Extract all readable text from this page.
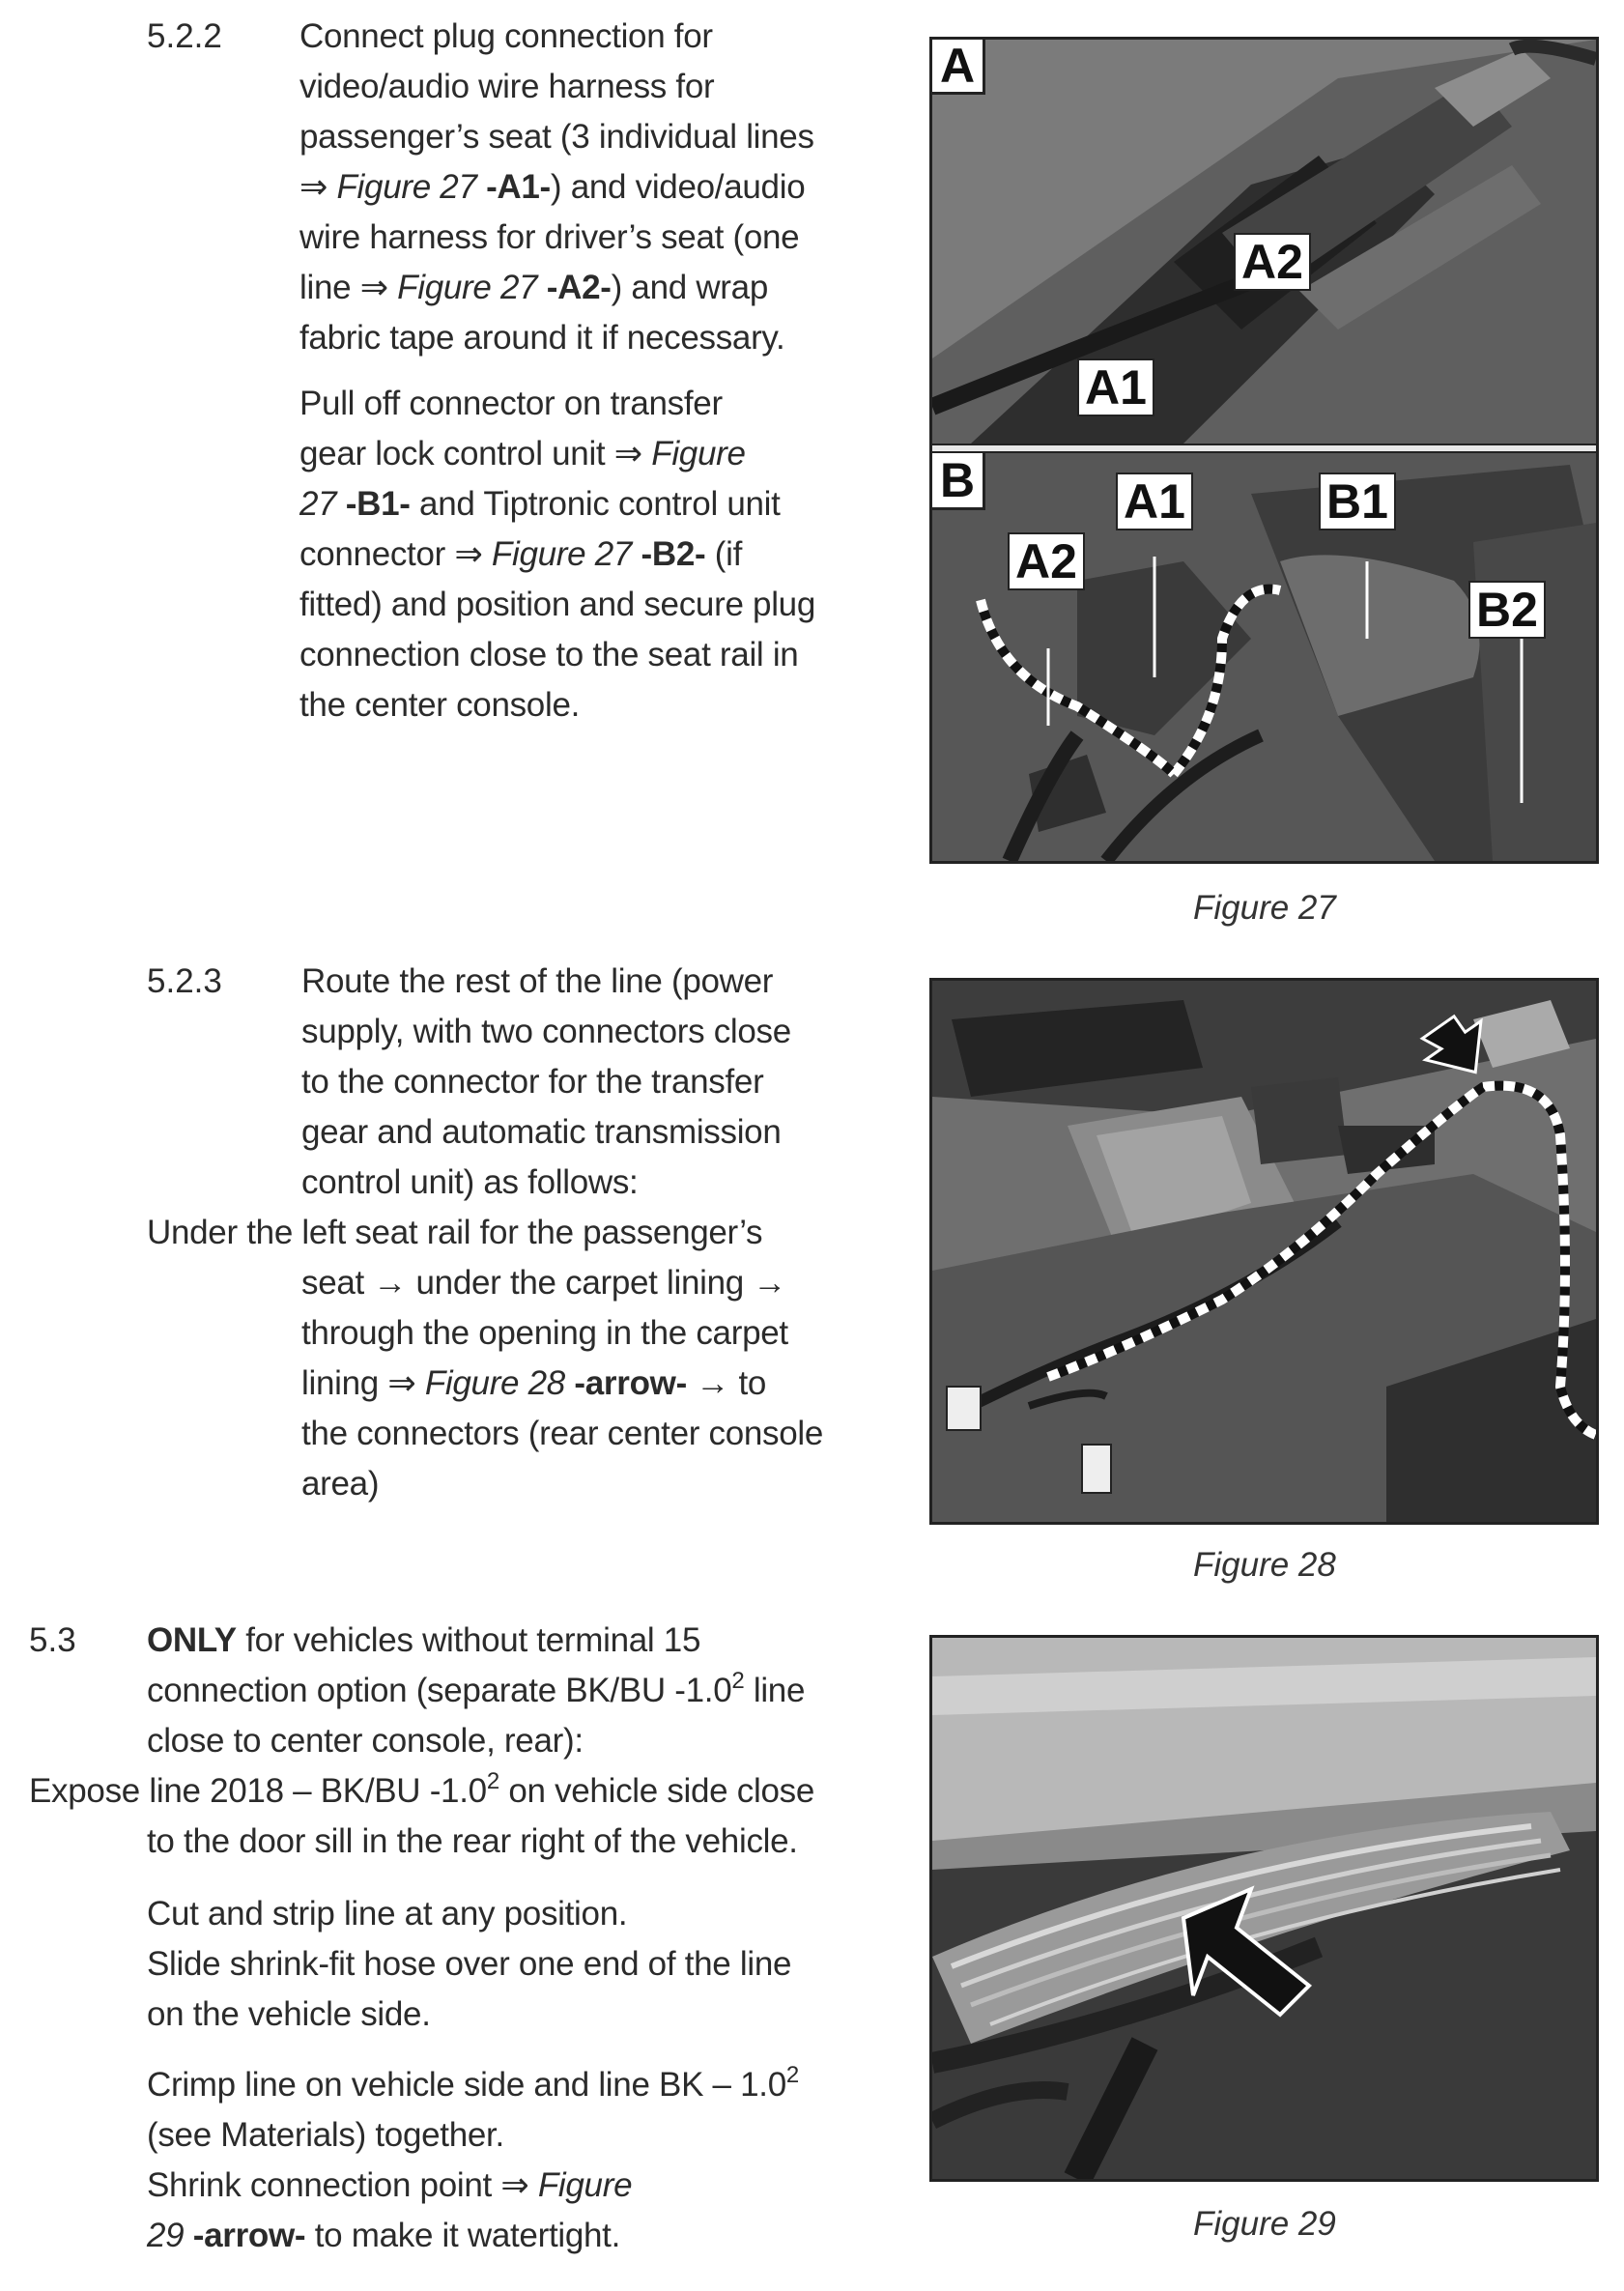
5.2.2 Connect plug connection for
video/audio wire harness for
passenger’s seat (3 individual lines
⇒ Figure 27 -A1-) and video/audio
wire harness for driver’s seat (one
line ⇒ Figure 27 -A2-) and wrap
fabric tape around it if necessary.
Pull off connector on transfer
gear lock control unit ⇒ Figure
27 -B1- and Tiptronic control unit
connector ⇒ Figure 27 -B2- (if
fitted) and position and secure plug
connection close to the seat rail in
the center console.
A
A2
A1
B	A1	B1
A2
B2
Figure 27
5.2.3 Route the rest of the line (power
supply, with two connectors close
to the connector for the transfer
gear and automatic transmission
control unit) as follows:
Under the left seat rail for the passenger’s
seat → under the carpet lining →
through the opening in the carpet
lining ⇒ Figure 28 -arrow- → to
the connectors (rear center console
area)
Figure 28
5.3 ONLY for vehicles without terminal 15
connection option (separate BK/BU $-1.0^2$ line
close to center console, rear):
Expose line 2018 – BK/BU $-1.0^2$ on vehicle side close
to the door sill in the rear right of the vehicle.
Cut and strip line at any position.
Slide shrink-fit hose over one end of the line
on the vehicle side.
Crimp line on vehicle side and line BK – $1.0^2$
(see Materials) together.
Shrink connection point ⇒ Figure
29 -arrow- to make it watertight.	Figure 29
